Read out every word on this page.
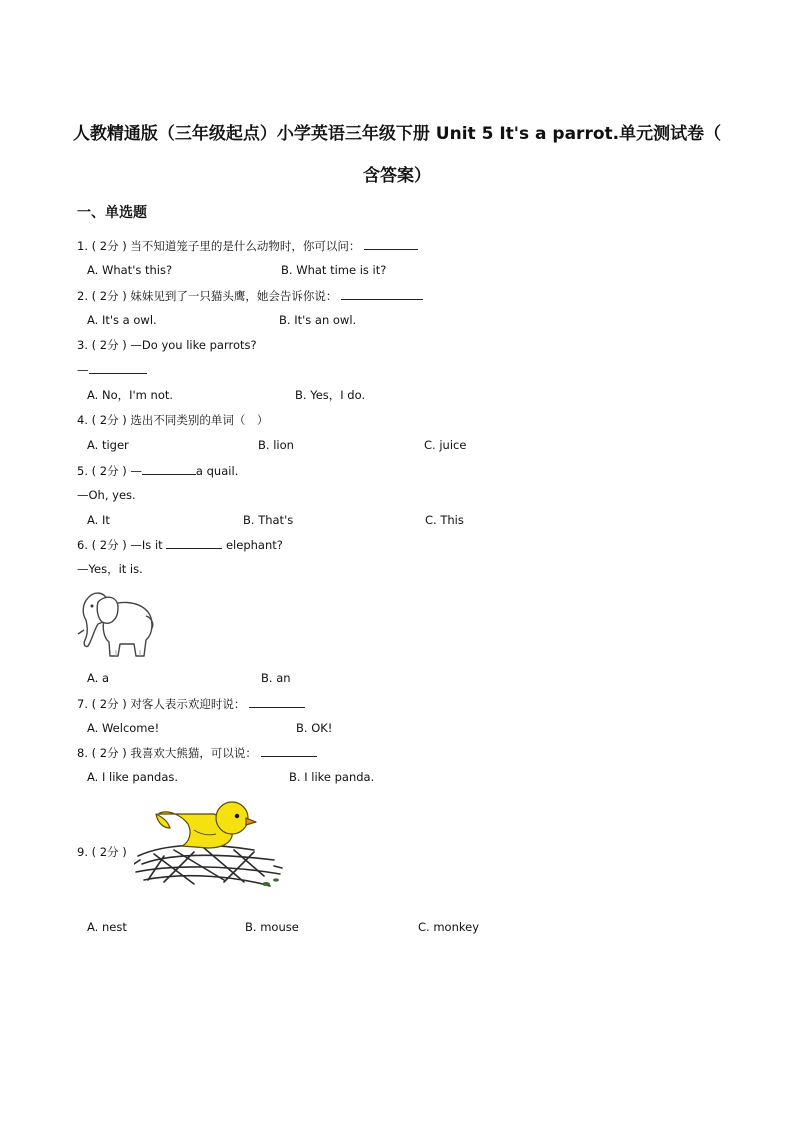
人教精通版（三年级起点）小学英语三年级下册 Unit 5 It's a parrot.单元测试卷（
含答案）
一、单选题
1. ( 2分 ) 当不知道笼子里的是什么动物时，你可以问：
A. What's this?	B. What time is it?
2. ( 2分 ) 妹妹见到了一只猫头鹰，她会告诉你说：
A. It's a owl.	B. It's an owl.
3. ( 2分 ) —Do you like parrots?
—
A. No，I'm not.	B. Yes，I do.
4. ( 2分 ) 选出不同类别的单词（　）
A. tiger	B. lion	C. juice
5. ( 2分 ) —	a quail.
—Oh, yes.
A. It	B. That's	C. This
6. ( 2分 ) —Is it	elephant?
—Yes，it is.
A. a	B. an
7. ( 2分 ) 对客人表示欢迎时说：
A. Welcome!	B. OK!
8. ( 2分 ) 我喜欢大熊猫，可以说：
A. I like pandas.	B. I like panda.
9. ( 2分 )
A. nest	B. mouse	C. monkey
